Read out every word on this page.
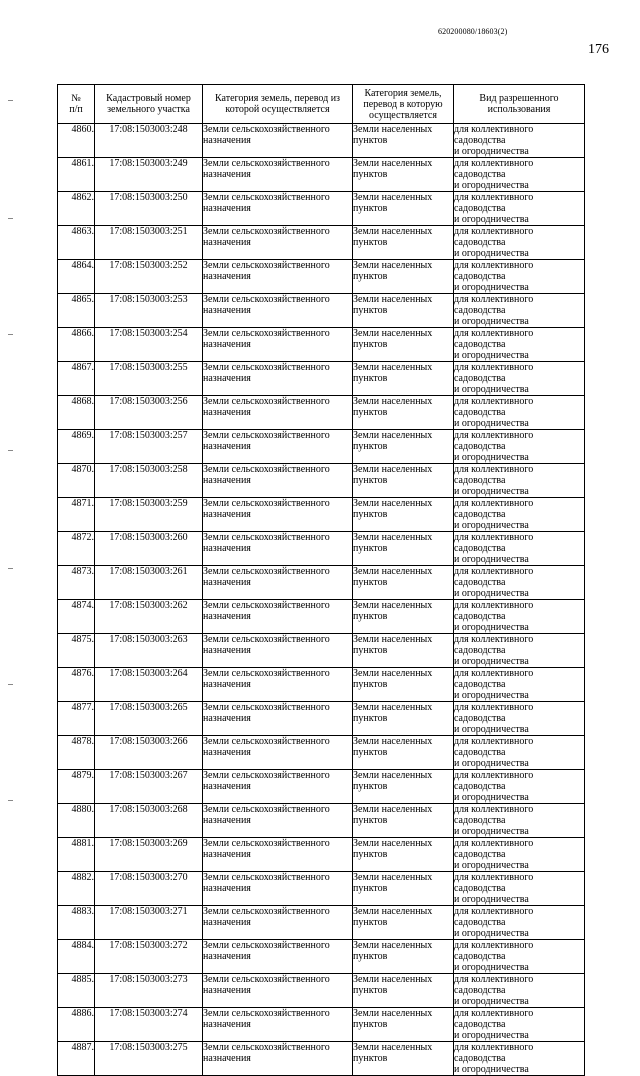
620200080/18603(2)
176
№
п/п	Кадастровый номер
земельного участка	Категория земель, перевод из
которой осуществляется	Категория земель,
перевод в которую
осуществляется	Вид разрешенного
использования

4860.	17:08:1503003:248	Земли сельскохозяйственного
назначения	Земли населенных
пунктов	для коллективного садоводства
и огородничества

4861.	17:08:1503003:249	Земли сельскохозяйственного
назначения	Земли населенных
пунктов	для коллективного садоводства
и огородничества

4862.	17:08:1503003:250	Земли сельскохозяйственного
назначения	Земли населенных
пунктов	для коллективного садоводства
и огородничества

4863.	17:08:1503003:251	Земли сельскохозяйственного
назначения	Земли населенных
пунктов	для коллективного садоводства
и огородничества

4864.	17:08:1503003:252	Земли сельскохозяйственного
назначения	Земли населенных
пунктов	для коллективного садоводства
и огородничества

4865.	17:08:1503003:253	Земли сельскохозяйственного
назначения	Земли населенных
пунктов	для коллективного садоводства
и огородничества

4866.	17:08:1503003:254	Земли сельскохозяйственного
назначения	Земли населенных
пунктов	для коллективного садоводства
и огородничества

4867.	17:08:1503003:255	Земли сельскохозяйственного
назначения	Земли населенных
пунктов	для коллективного садоводства
и огородничества

4868.	17:08:1503003:256	Земли сельскохозяйственного
назначения	Земли населенных
пунктов	для коллективного садоводства
и огородничества

4869.	17:08:1503003:257	Земли сельскохозяйственного
назначения	Земли населенных
пунктов	для коллективного садоводства
и огородничества

4870.	17:08:1503003:258	Земли сельскохозяйственного
назначения	Земли населенных
пунктов	для коллективного садоводства
и огородничества

4871.	17:08:1503003:259	Земли сельскохозяйственного
назначения	Земли населенных
пунктов	для коллективного садоводства
и огородничества

4872.	17:08:1503003:260	Земли сельскохозяйственного
назначения	Земли населенных
пунктов	для коллективного садоводства
и огородничества

4873.	17:08:1503003:261	Земли сельскохозяйственного
назначения	Земли населенных
пунктов	для коллективного садоводства
и огородничества

4874.	17:08:1503003:262	Земли сельскохозяйственного
назначения	Земли населенных
пунктов	для коллективного садоводства
и огородничества

4875.	17:08:1503003:263	Земли сельскохозяйственного
назначения	Земли населенных
пунктов	для коллективного садоводства
и огородничества

4876.	17:08:1503003:264	Земли сельскохозяйственного
назначения	Земли населенных
пунктов	для коллективного садоводства
и огородничества

4877.	17:08:1503003:265	Земли сельскохозяйственного
назначения	Земли населенных
пунктов	для коллективного садоводства
и огородничества

4878.	17:08:1503003:266	Земли сельскохозяйственного
назначения	Земли населенных
пунктов	для коллективного садоводства
и огородничества

4879.	17:08:1503003:267	Земли сельскохозяйственного
назначения	Земли населенных
пунктов	для коллективного садоводства
и огородничества

4880.	17:08:1503003:268	Земли сельскохозяйственного
назначения	Земли населенных
пунктов	для коллективного садоводства
и огородничества

4881.	17:08:1503003:269	Земли сельскохозяйственного
назначения	Земли населенных
пунктов	для коллективного садоводства
и огородничества

4882.	17:08:1503003:270	Земли сельскохозяйственного
назначения	Земли населенных
пунктов	для коллективного садоводства
и огородничества

4883.	17:08:1503003:271	Земли сельскохозяйственного
назначения	Земли населенных
пунктов	для коллективного садоводства
и огородничества

4884.	17:08:1503003:272	Земли сельскохозяйственного
назначения	Земли населенных
пунктов	для коллективного садоводства
и огородничества

4885.	17:08:1503003:273	Земли сельскохозяйственного
назначения	Земли населенных
пунктов	для коллективного садоводства
и огородничества

4886.	17:08:1503003:274	Земли сельскохозяйственного
назначения	Земли населенных
пунктов	для коллективного садоводства
и огородничества

4887.	17:08:1503003:275	Земли сельскохозяйственного
назначения	Земли населенных
пунктов	для коллективного садоводства
и огородничества
